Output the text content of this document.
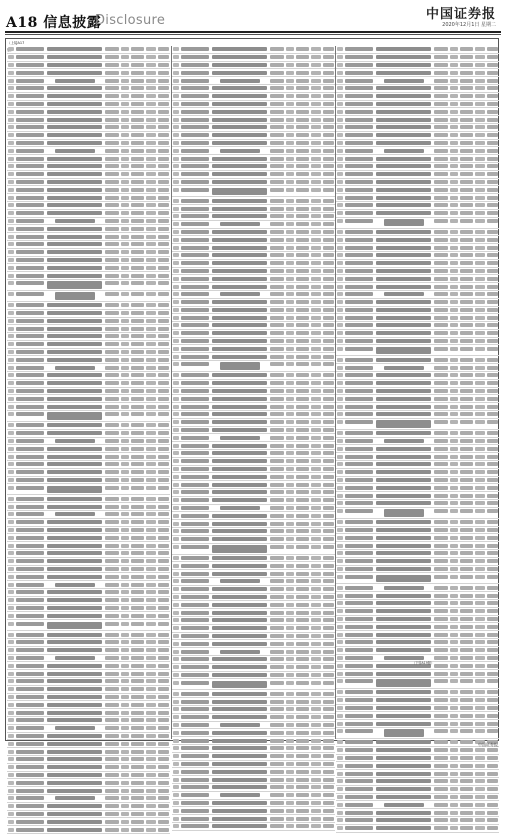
A18 信息披露
Disclosure	中国证券报
2020年12月1日 星期二
（上接A17
（下转A19版）
中国证券报
